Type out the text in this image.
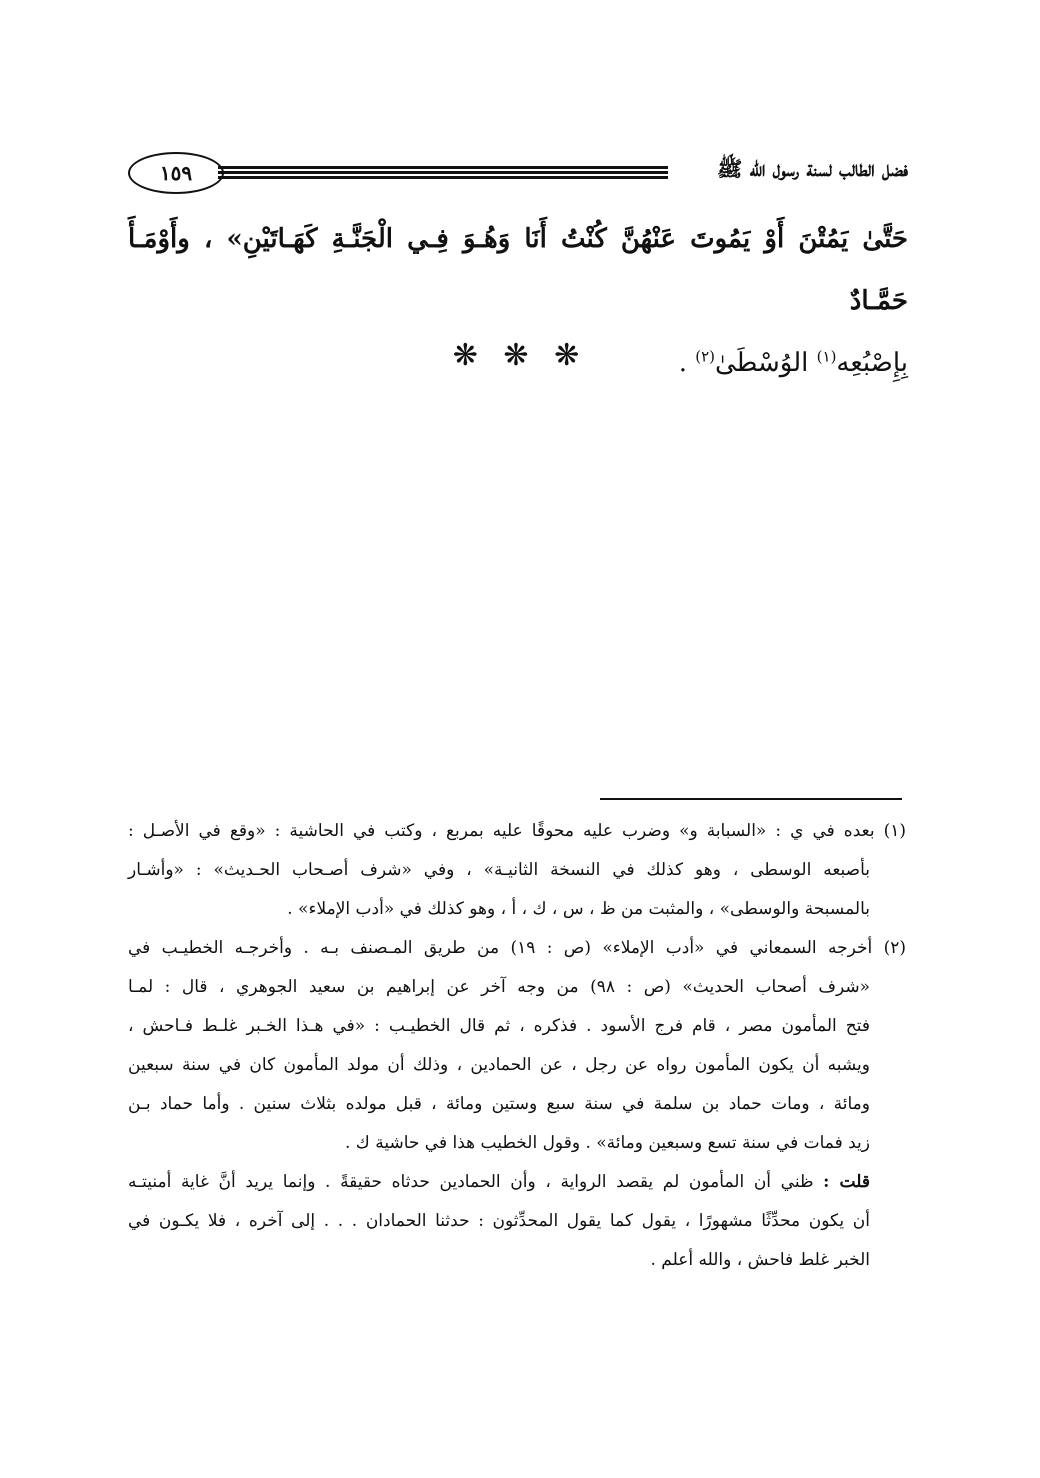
١٥٩	فضل الطالب لسنة رسول الله ﷺ
حَتَّىٰ يَمُتْنَ أَوْ يَمُوتَ عَنْهُنَّ كُنْتُ أَنَا وَهُـوَ فِـي الْجَنَّـةِ كَهَـاتَيْنِ» ، وأَوْمَـأَ حَمَّـادٌ
بِإِصْبُعِه$^{(١)}$ الوُسْطَىٰ$^{(٢)}$ .
❋ ❋ ❋
(١) بعده في ي : «السبابة و» وضرب عليه محوقًا عليه بمربع ، وكتب في الحاشية : «وقع في الأصـل :
بأصبعه الوسطى ، وهو كذلك في النسخة الثانيـة» ، وفي «شرف أصـحاب الحـديث» : «وأشـار
بالمسبحة والوسطى» ، والمثبت من ظ ، س ، ك ، أ ، وهو كذلك في «أدب الإملاء» .
(٢) أخرجه السمعاني في «أدب الإملاء» (ص : ١٩) من طريق المـصنف بـه . وأخرجـه الخطيـب في
«شرف أصحاب الحديث» (ص : ٩٨) من وجه آخر عن إبراهيم بن سعيد الجوهري ، قال : لمـا
فتح المأمون مصر ، قام فرج الأسود . فذكره ، ثم قال الخطيـب : «في هـذا الخـبر غلـط فـاحش ،
ويشبه أن يكون المأمون رواه عن رجل ، عن الحمادين ، وذلك أن مولد المأمون كان في سنة سبعين
ومائة ، ومات حماد بن سلمة في سنة سبع وستين ومائة ، قبل مولده بثلاث سنين . وأما حماد بـن
زيد فمات في سنة تسع وسبعين ومائة» . وقول الخطيب هذا في حاشية ك .
قلت : ظني أن المأمون لم يقصد الرواية ، وأن الحمادين حدثاه حقيقةً . وإنما يريد أنَّ غاية أمنيتـه
أن يكون محدِّثًا مشهورًا ، يقول كما يقول المحدِّثون : حدثنا الحمادان . . . إلى آخره ، فلا يكـون في
الخبر غلط فاحش ، والله أعلم .
